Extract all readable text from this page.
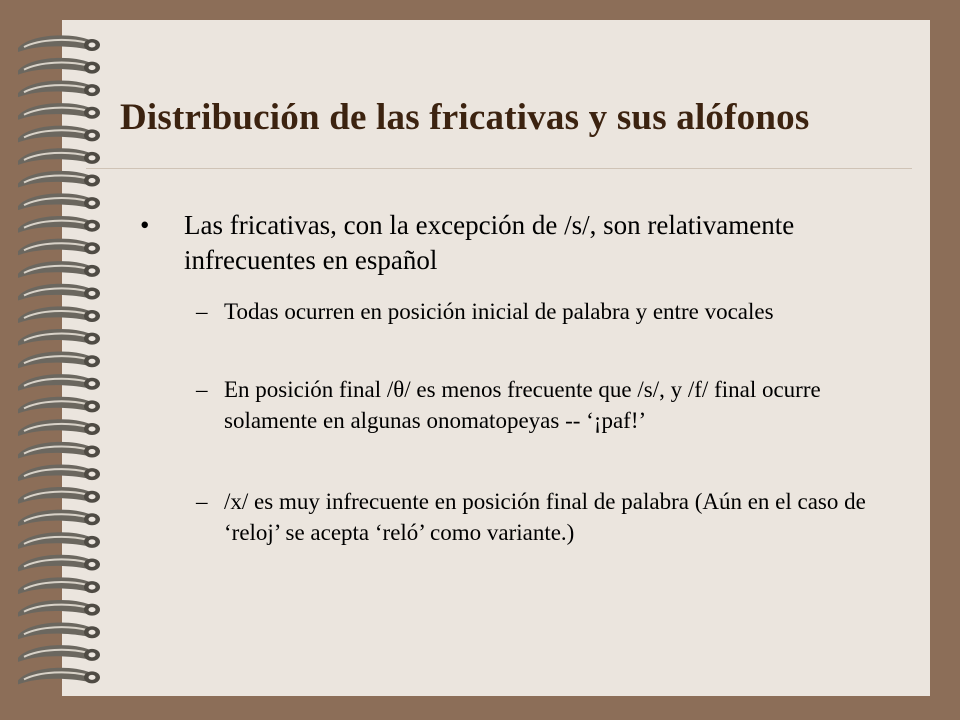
Distribución de las fricativas y sus alófonos
• Las fricativas, con la excepción de /s/, son relativamente infrecuentes en español
– Todas ocurren en posición inicial de palabra y entre vocales
– En posición final /θ/ es menos frecuente que /s/, y /f/ final ocurre solamente en algunas onomatopeyas -- ‘¡paf!’
– /x/ es muy infrecuente en posición final de palabra (Aún en el caso de ‘reloj’ se acepta ‘reló’ como variante.)
